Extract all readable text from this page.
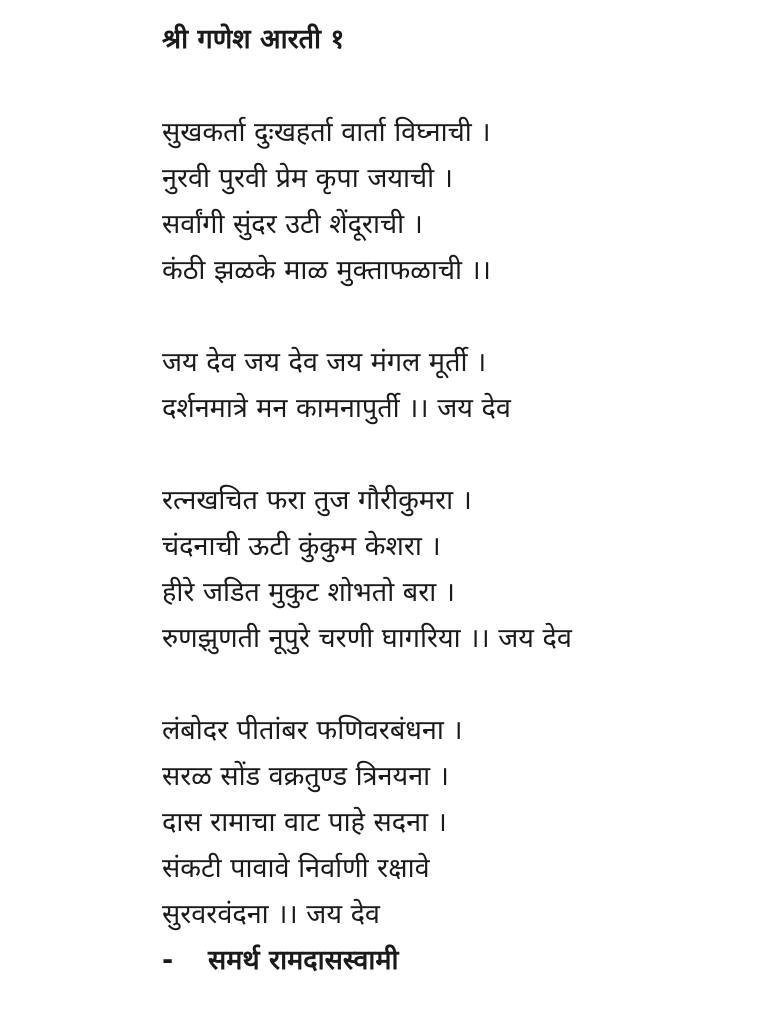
श्री गणेश आरती १
सुखकर्ता दुःखहर्ता वार्ता विघ्नाची ।
नुरवी पुरवी प्रेम कृपा जयाची ।
सर्वांगी सुंदर उटी शेंदूराची ।
कंठी झळके माळ मुक्ताफळाची ।।
जय देव जय देव जय मंगल मूर्ती ।
दर्शनमात्रे मन कामनापुर्ती ।। जय देव
रत्नखचित फरा तुज गौरीकुमरा ।
चंदनाची ऊटी कुंकुम केशरा ।
हीरे जडित मुकुट शोभतो बरा ।
रुणझुणती नूपुरे चरणी घागरिया ।। जय देव
लंबोदर पीतांबर फणिवरबंधना ।
सरळ सोंड वक्रतुण्ड त्रिनयना ।
दास रामाचा वाट पाहे सदना ।
संकटी पावावे निर्वाणी रक्षावे
सुरवरवंदना ।। जय देव
- समर्थ रामदासस्वामी
